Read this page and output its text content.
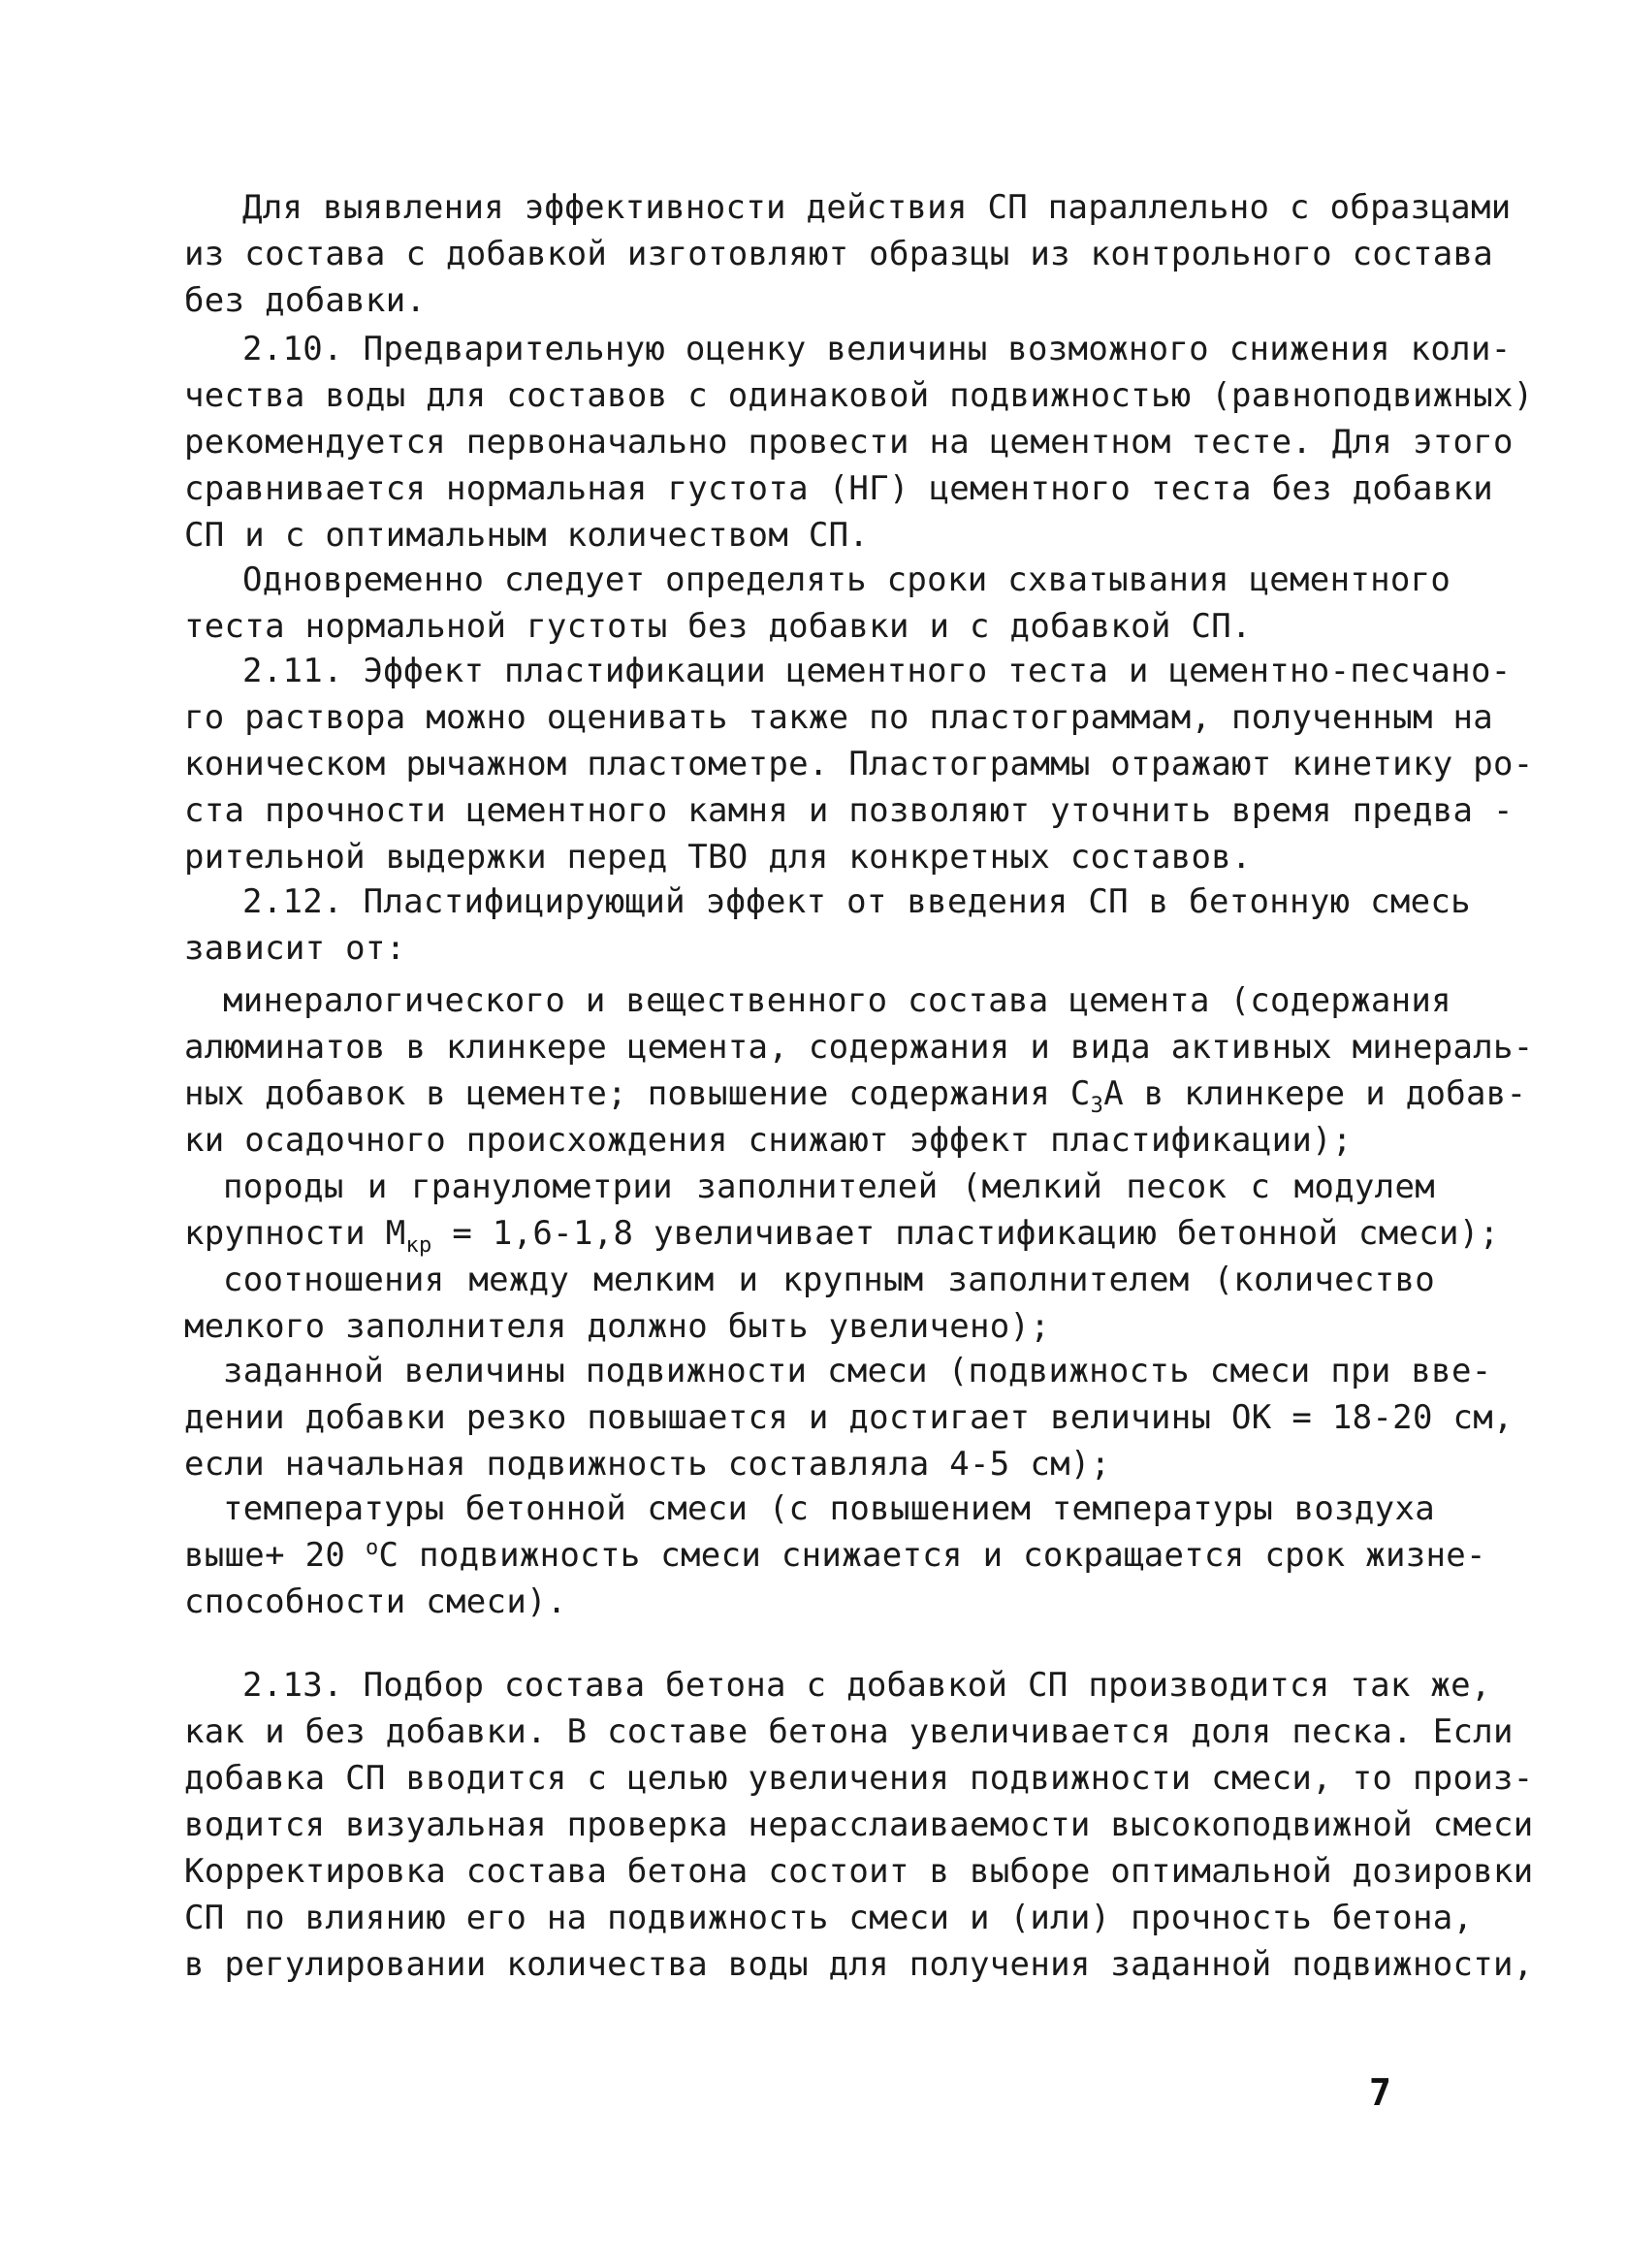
Для выявления эффективности действия СП параллельно с образцами
из состава с добавкой изготовляют образцы из контрольного состава
без добавки.
2.10. Предварительную оценку величины возможного снижения коли-
чества воды для составов с одинаковой подвижностью (равноподвижных)
рекомендуется первоначально провести на цементном тесте. Для этого
сравнивается нормальная густота (НГ) цементного теста без добавки
СП и с оптимальным количеством СП.
Одновременно следует определять сроки схватывания цементного
теста нормальной густоты без добавки и с добавкой СП.
2.11. Эффект пластификации цементного теста и цементно-песчано-
го раствора можно оценивать также по пластограммам, полученным на
коническом рычажном пластометре. Пластограммы отражают кинетику ро-
ста прочности цементного камня и позволяют уточнить время предва -
рительной выдержки перед ТВО для конкретных составов.
2.12. Пластифицирующий эффект от введения СП в бетонную смесь
зависит от:
минералогического и вещественного состава цемента (содержания
алюминатов в клинкере цемента, содержания и вида активных минераль-
ных добавок в цементе; повышение содержания $С_3А$ в клинкере и добав-
ки осадочного происхождения снижают эффект пластификации);
породы и гранулометрии заполнителей (мелкий песок с модулем
крупности $М_{кр} = 1,6-1,8$ увеличивает пластификацию бетонной смеси);
соотношения между мелким и крупным заполнителем (количество
мелкого заполнителя должно быть увеличено);
заданной величины подвижности смеси (подвижность смеси при вве-
дении добавки резко повышается и достигает величины ОК = 18-20 см,
если начальная подвижность составляла 4-5 см);
температуры бетонной смеси (с повышением температуры воздуха
выше+ 20 $^о$С подвижность смеси снижается и сокращается срок жизне-
способности смеси).
2.13. Подбор состава бетона с добавкой СП производится так же,
как и без добавки. В составе бетона увеличивается доля песка. Если
добавка СП вводится с целью увеличения подвижности смеси, то произ-
водится визуальная проверка нерасслаиваемости высокоподвижной смеси
Корректировка состава бетона состоит в выборе оптимальной дозировки
СП по влиянию его на подвижность смеси и (или) прочность бетона,
в регулировании количества воды для получения заданной подвижности,
7
